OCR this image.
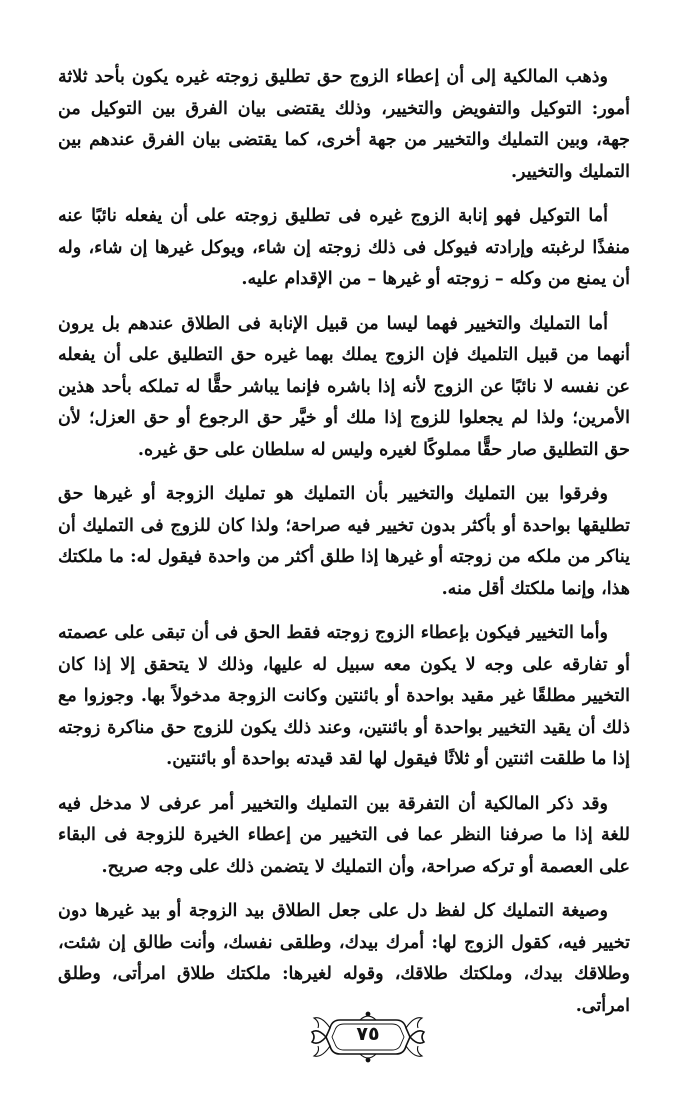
وذهب المالكية إلى أن إعطاء الزوج حق تطليق زوجته غيره يكون بأحد ثلاثة أمور: التوكيل والتفويض والتخيير، وذلك يقتضى بيان الفرق بين التوكيل من جهة، وبين التمليك والتخيير من جهة أخرى، كما يقتضى بيان الفرق عندهم بين التمليك والتخيير.

أما التوكيل فهو إنابة الزوج غيره فى تطليق زوجته على أن يفعله نائبًا عنه منفذًا لرغبته وإرادته فيوكل فى ذلك زوجته إن شاء، ويوكل غيرها إن شاء، وله أن يمنع من وكله – زوجته أو غيرها – من الإقدام عليه.

أما التمليك والتخيير فهما ليسا من قبيل الإنابة فى الطلاق عندهم بل يرون أنهما من قبيل التلميك فإن الزوج يملك بهما غيره حق التطليق على أن يفعله عن نفسه لا نائبًا عن الزوج لأنه إذا باشره فإنما يباشر حقًّا له تملكه بأحد هذين الأمرين؛ ولذا لم يجعلوا للزوج إذا ملك أو خيَّر حق الرجوع أو حق العزل؛ لأن حق التطليق صار حقًّا مملوكًا لغيره وليس له سلطان على حق غيره.

وفرقوا بين التمليك والتخيير بأن التمليك هو تمليك الزوجة أو غيرها حق تطليقها بواحدة أو بأكثر بدون تخيير فيه صراحة؛ ولذا كان للزوج فى التمليك أن يناكر من ملكه من زوجته أو غيرها إذا طلق أكثر من واحدة فيقول له: ما ملكتك هذا، وإنما ملكتك أقل منه.

وأما التخيير فيكون بإعطاء الزوج زوجته فقط الحق فى أن تبقى على عصمته أو تفارقه على وجه لا يكون معه سبيل له عليها، وذلك لا يتحقق إلا إذا كان التخيير مطلقًا غير مقيد بواحدة أو بائنتين وكانت الزوجة مدخولاً بها. وجوزوا مع ذلك أن يقيد التخيير بواحدة أو بائنتين، وعند ذلك يكون للزوج حق مناكرة زوجته إذا ما طلقت اثنتين أو ثلاثًا فيقول لها لقد قيدته بواحدة أو بائنتين.

وقد ذكر المالكية أن التفرقة بين التمليك والتخيير أمر عرفى لا مدخل فيه للغة إذا ما صرفنا النظر عما فى التخيير من إعطاء الخيرة للزوجة فى البقاء على العصمة أو تركه صراحة، وأن التمليك لا يتضمن ذلك على وجه صريح.

وصيغة التمليك كل لفظ دل على جعل الطلاق بيد الزوجة أو بيد غيرها دون تخيير فيه، كقول الزوج لها: أمرك بيدك، وطلقى نفسك، وأنت طالق إن شئت، وطلاقك بيدك، وملكتك طلاقك، وقوله لغيرها: ملكتك طلاق امرأتى، وطلق امرأتى.

٧٥
